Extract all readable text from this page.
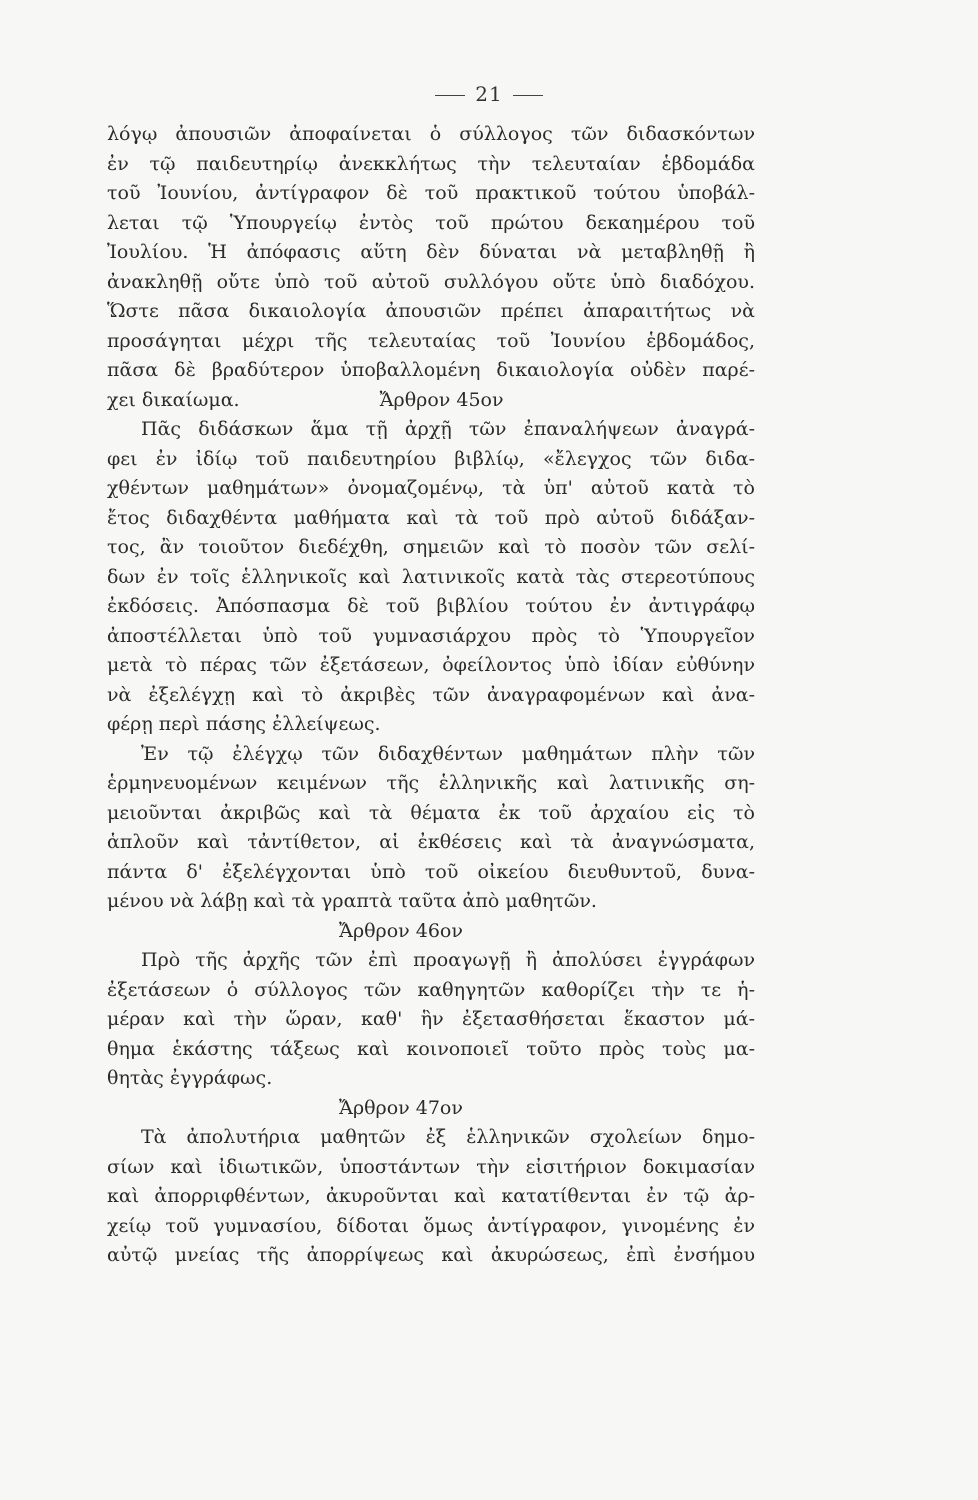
21
λόγῳ ἀπουσιῶν ἀποφαίνεται ὁ σύλλογος τῶν διδασκόντων
ἐν τῷ παιδευτηρίῳ ἀνεκκλήτως τὴν τελευταίαν ἑβδομάδα
τοῦ Ἰουνίου, ἀντίγραφον δὲ τοῦ πρακτικοῦ τούτου ὑποβάλ-
λεται τῷ Ὑπουργείῳ ἐντὸς τοῦ πρώτου δεκαημέρου τοῦ
Ἰουλίου. Ἡ ἀπόφασις αὕτη δὲν δύναται νὰ μεταβληθῇ ἢ
ἀνακληθῇ οὔτε ὑπὸ τοῦ αὐτοῦ συλλόγου οὔτε ὑπὸ διαδόχου.
Ὥστε πᾶσα δικαιολογία ἀπουσιῶν πρέπει ἀπαραιτήτως νὰ
προσάγηται μέχρι τῆς τελευταίας τοῦ Ἰουνίου ἑβδομάδος,
πᾶσα δὲ βραδύτερον ὑποβαλλομένη δικαιολογία οὐδὲν παρέ-
χει δικαίωμα.	Ἄρθρον 45ον
Πᾶς διδάσκων ἅμα τῇ ἀρχῇ τῶν ἐπαναλήψεων ἀναγρά-
φει ἐν ἰδίῳ τοῦ παιδευτηρίου βιβλίῳ, «ἔλεγχος τῶν διδα-
χθέντων μαθημάτων» ὀνομαζομένῳ, τὰ ὑπ' αὐτοῦ κατὰ τὸ
ἔτος διδαχθέντα μαθήματα καὶ τὰ τοῦ πρὸ αὐτοῦ διδάξαν-
τος, ἂν τοιοῦτον διεδέχθη, σημειῶν καὶ τὸ ποσὸν τῶν σελί-
δων ἐν τοῖς ἑλληνικοῖς καὶ λατινικοῖς κατὰ τὰς στερεοτύπους
ἐκδόσεις. Ἀπόσπασμα δὲ τοῦ βιβλίου τούτου ἐν ἀντιγράφῳ
ἀποστέλλεται ὑπὸ τοῦ γυμνασιάρχου πρὸς τὸ Ὑπουργεῖον
μετὰ τὸ πέρας τῶν ἐξετάσεων, ὀφείλοντος ὑπὸ ἰδίαν εὐθύνην
νὰ ἐξελέγχῃ καὶ τὸ ἀκριβὲς τῶν ἀναγραφομένων καὶ ἀνα-
φέρῃ περὶ πάσης ἐλλείψεως.
Ἐν τῷ ἐλέγχῳ τῶν διδαχθέντων μαθημάτων πλὴν τῶν
ἑρμηνευομένων κειμένων τῆς ἑλληνικῆς καὶ λατινικῆς ση-
μειοῦνται ἀκριβῶς καὶ τὰ θέματα ἐκ τοῦ ἀρχαίου εἰς τὸ
ἁπλοῦν καὶ τἀντίθετον, αἱ ἐκθέσεις καὶ τὰ ἀναγνώσματα,
πάντα δ' ἐξελέγχονται ὑπὸ τοῦ οἰκείου διευθυντοῦ, δυνα-
μένου νὰ λάβῃ καὶ τὰ γραπτὰ ταῦτα ἀπὸ μαθητῶν.
Ἄρθρον 46ον
Πρὸ τῆς ἀρχῆς τῶν ἐπὶ προαγωγῇ ἢ ἀπολύσει ἐγγράφων
ἐξετάσεων ὁ σύλλογος τῶν καθηγητῶν καθορίζει τὴν τε ἡ-
μέραν καὶ τὴν ὥραν, καθ' ἣν ἐξετασθήσεται ἕκαστον μά-
θημα ἑκάστης τάξεως καὶ κοινοποιεῖ τοῦτο πρὸς τοὺς μα-
θητὰς ἐγγράφως.
Ἄρθρον 47ον
Τὰ ἀπολυτήρια μαθητῶν ἐξ ἑλληνικῶν σχολείων δημο-
σίων καὶ ἰδιωτικῶν, ὑποστάντων τὴν εἰσιτήριον δοκιμασίαν
καὶ ἀπορριφθέντων, ἀκυροῦνται καὶ κατατίθενται ἐν τῷ ἀρ-
χείῳ τοῦ γυμνασίου, δίδοται ὅμως ἀντίγραφον, γινομένης ἐν
αὐτῷ μνείας τῆς ἀπορρίψεως καὶ ἀκυρώσεως, ἐπὶ ἐνσήμου
